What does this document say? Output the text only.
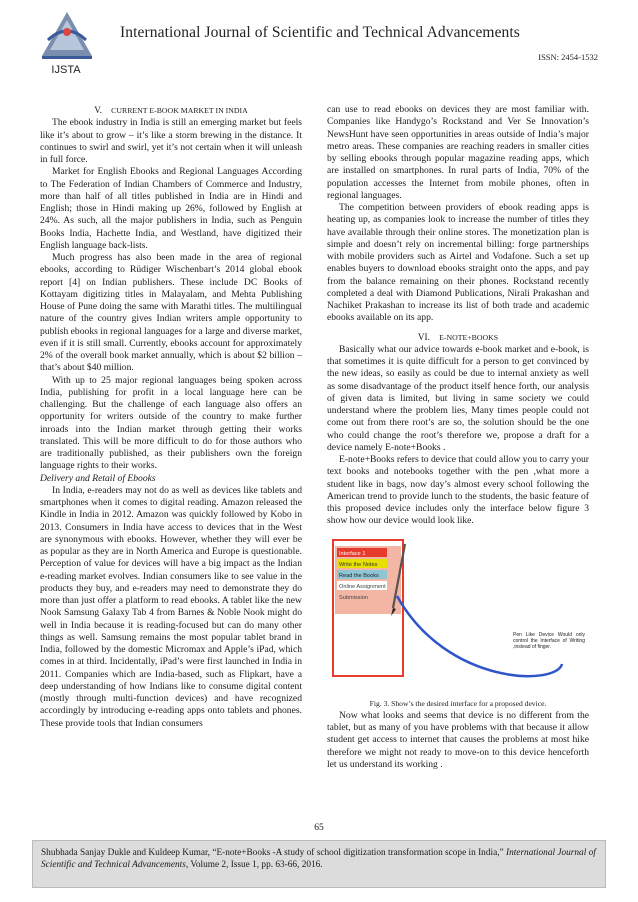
IJSTA
International Journal of Scientific and Technical Advancements
ISSN: 2454-1532

V. CURRENT E-BOOK MARKET IN INDIA

The ebook industry in India is still an emerging market but feels like it’s about to grow – it’s like a storm brewing in the distance. It continues to swirl and swirl, yet it’s not certain when it will unleash in full force.

Market for English Ebooks and Regional Languages According to The Federation of Indian Chambers of Commerce and Industry, more than half of all titles published in India are in Hindi and English; those in Hindi making up 26%, followed by English at 24%. As such, all the major publishers in India, such as Penguin Books India, Hachette India, and Westland, have digitized their English language back-lists.

Much progress has also been made in the area of regional ebooks, according to Rüdiger Wischenbart’s 2014 global ebook report [4] on Indian publishers. These include DC Books of Kottayam digitizing titles in Malayalam, and Mehta Publishing House of Pune doing the same with Marathi titles. The multilingual nature of the country gives Indian writers ample opportunity to publish ebooks in regional languages for a large and diverse market, even if it is still small. Currently, ebooks account for approximately 2% of the overall book market annually, which is about $2 billion – that’s about $40 million.

With up to 25 major regional languages being spoken across India, publishing for profit in a local language here can be challenging. But the challenge of each language also offers an opportunity for writers outside of the country to make further inroads into the Indian market through getting their works translated. This will be more difficult to do for those authors who are traditionally published, as their publishers own the foreign language rights to their works.

Delivery and Retail of Ebooks

In India, e-readers may not do as well as devices like tablets and smartphones when it comes to digital reading. Amazon released the Kindle in India in 2012. Amazon was quickly followed by Kobo in 2013. Consumers in India have access to devices that in the West are synonymous with ebooks. However, whether they will ever be as popular as they are in North America and Europe is questionable. Perception of value for devices will have a big impact as the Indian e-reading market evolves. Indian consumers like to see value in the products they buy, and e-readers may need to demonstrate they do more than just offer a platform to read ebooks. A tablet like the new Nook Samsung Galaxy Tab 4 from Barnes & Noble Nook might do well in India because it is reading-focused but can do many other things as well. Samsung remains the most popular tablet brand in India, followed by the domestic Micromax and Apple’s iPad, which comes in at third. Incidentally, iPad’s were first launched in India in 2011. Companies which are India-based, such as Flipkart, have a deep understanding of how Indians like to consume digital content (mostly through multi-function devices) and have recognized accordingly by introducing e-reading apps onto tablets and phones. These provide tools that Indian consumers

can use to read ebooks on devices they are most familiar with. Companies like Handygo’s Rockstand and Ver Se Innovation’s NewsHunt have seen opportunities in areas outside of India’s major metro areas. These companies are reaching readers in smaller cities by selling ebooks through popular magazine reading apps, which are installed on smartphones. In rural parts of India, 70% of the population accesses the Internet from mobile phones, often in regional languages.

The competition between providers of ebook reading apps is heating up, as companies look to increase the number of titles they have available through their online stores. The monetization plan is simple and doesn’t rely on incremental billing: forge partnerships with mobile providers such as Airtel and Vodafone. Such a set up enables buyers to download ebooks straight onto the apps, and pay from the balance remaining on their phones. Rockstand recently completed a deal with Diamond Publications, Nirali Prakashan and Nachiket Prakashan to increase its list of both trade and academic ebooks available on its app.

VI. E-NOTE+BOOKS

Basically what our advice towards e-book market and e-book, is that sometimes it is quite difficult for a person to get convinced by the new ideas, so easily as could be due to internal anxiety as well as some disadvantage of the product itself hence forth, our analysis of given data is limited, but living in same society we could understand where the problem lies, Many times people could not come out from there root’s are so, the solution should be the one who could change the root’s therefore we, propose a draft for a device namely E-note+Books .

E-note+Books refers to device that could allow you to carry your text books and notebooks together with the pen ,what more a student like in bags, now day’s almost every school following the American trend to provide lunch to the students, the basic feature of this proposed device includes only the interface below figure 3 show how our device would look like.

Interface 1
Write the Notes
Read the Books
Online Assignment
Submission
Pen Like Device Would only control the Interface of Writing ,instead of finger.

Fig. 3. Show’s the desired interface for a proposed device.

Now what looks and seems that device is no different from the tablet, but as many of you have problems with that because it allow student get access to internet that causes the problems at most hike therefore we might not ready to move-on to this device henceforth let us understand its working .

65
Shubhada Sanjay Dukle and Kuldeep Kumar, “E-note+Books -A study of school digitization transformation scope in India,” International Journal of Scientific and Technical Advancements, Volume 2, Issue 1, pp. 63-66, 2016.
